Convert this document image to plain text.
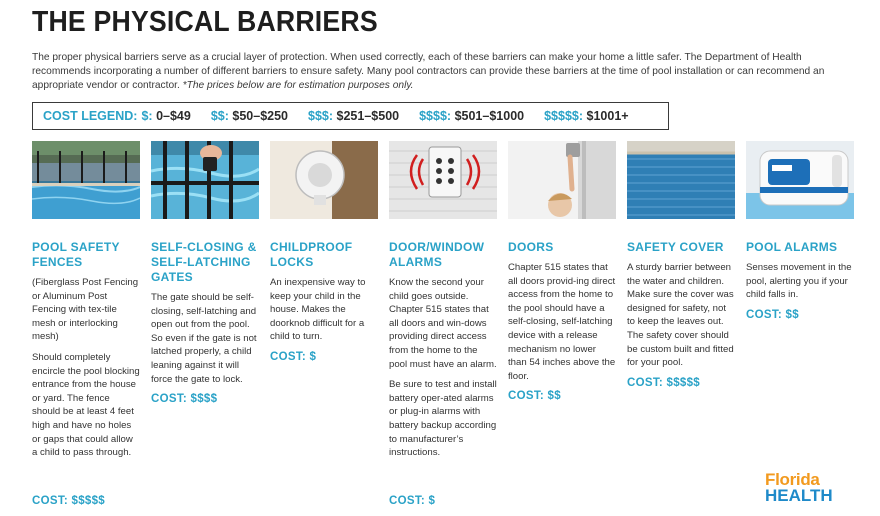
THE PHYSICAL BARRIERS
The proper physical barriers serve as a crucial layer of protection. When used correctly, each of these barriers can make your home a little safer. The Department of Health recommends incorporating a number of different barriers to ensure safety. Many pool contractors can provide these barriers at the time of pool installation or can recommend an appropriate vendor or contractor. *The prices below are for estimation purposes only.
COST LEGEND: $: 0–$49 $$: $50–$250 $$$: $251–$500 $$$$: $501–$1000 $$$$$: $1001+
POOL SAFETY
FENCES

(Fiberglass Post Fencing or Aluminum Post Fencing with tex-tile mesh or interlocking mesh)

Should completely encircle the pool blocking entrance from the house or yard. The fence should be at least 4 feet high and have no holes or gaps that could allow a child to pass through.

COST: $$$$$
SELF-CLOSING &
SELF-LATCHING
GATES

The gate should be self-closing, self-latching and open out from the pool. So even if the gate is not latched properly, a child leaning against it will force the gate to lock.

COST: $$$$
CHILDPROOF
LOCKS

An inexpensive way to keep your child in the house. Makes the doorknob difficult for a child to turn.

COST: $
DOOR/WINDOW
ALARMS

Know the second your child goes outside. Chapter 515 states that all doors and win-dows providing direct access from the home to the pool must have an alarm.

Be sure to test and install battery oper-ated alarms or plug-in alarms with battery backup according to manufacturer’s instructions.

COST: $
DOORS

Chapter 515 states that all doors provid-ing direct access from the home to the pool should have a self-closing, self-latching device with a release mechanism no lower than 54 inches above the floor.

COST: $$
SAFETY COVER

A sturdy barrier between the water and children. Make sure the cover was designed for safety, not to keep the leaves out. The safety cover should be custom built and fitted for your pool.

COST: $$$$$
POOL ALARMS

Senses movement in the pool, alerting you if your child falls in.

COST: $$
Florida
HEALTH
